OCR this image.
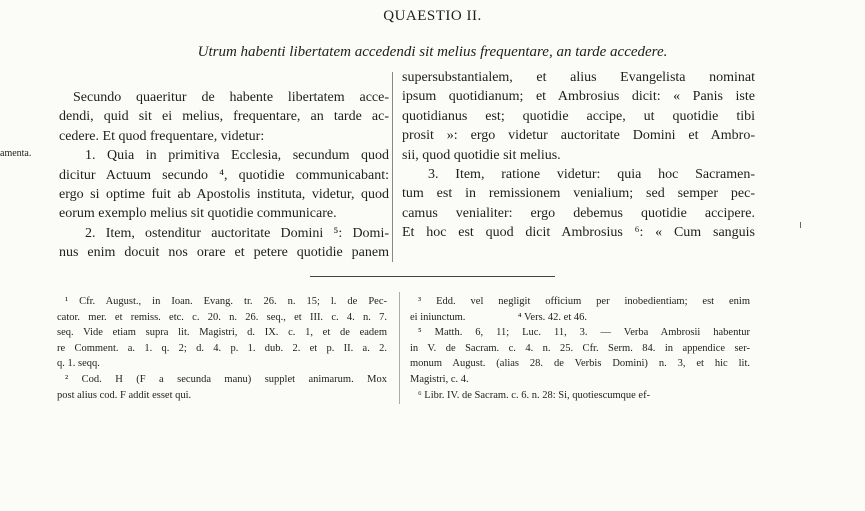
QUAESTIO II.
Utrum habenti libertatem accedendi sit melius frequentare, an tarde accedere.
amenta.
Secundo quaeritur de habente libertatem acce-
dendi, quid sit ei melius, frequentare, an tarde ac-
cedere. Et quod frequentare, videtur:
1. Quia in primitiva Ecclesia, secundum quod
dicitur Actuum secundo ⁴, quotidie communicabant:
ergo si optime fuit ab Apostolis instituta, videtur, quod
eorum exemplo melius sit quotidie communicare.
2. Item, ostenditur auctoritate Domini ⁵: Domi-
nus enim docuit nos orare et petere quotidie panem
supersubstantialem, et alius Evangelista nominat
ipsum quotidianum; et Ambrosius dicit: « Panis iste
quotidianus est; quotidie accipe, ut quotidie tibi
prosit »: ergo videtur auctoritate Domini et Ambro-
sii, quod quotidie sit melius.
3. Item, ratione videtur: quia hoc Sacramen-
tum est in remissionem venialium; sed semper pec-
camus venialiter: ergo debemus quotidie accipere.
Et hoc est quod dicit Ambrosius ⁶: « Cum sanguis
¹ Cfr. August., in Ioan. Evang. tr. 26. n. 15; l. de Pec-
cator. mer. et remiss. etc. c. 20. n. 26. seq., et III. c. 4. n. 7.
seq. Vide etiam supra lit. Magistri, d. IX. c. 1, et de eadem
re Comment. a. 1. q. 2; d. 4. p. 1. dub. 2. et p. II. a. 2.
q. 1. seqq.
² Cod. H (F a secunda manu) supplet animarum. Mox
post alius cod. F addit esset qui.
³ Edd. vel negligit officium per inobedientiam; est enim
ei iniunctum.                    ⁴ Vers. 42. et 46.
⁵ Matth. 6, 11; Luc. 11, 3. — Verba Ambrosii habentur
in V. de Sacram. c. 4. n. 25. Cfr. Serm. 84. in appendice ser-
monum August. (alias 28. de Verbis Domini) n. 3, et hic lit.
Magistri, c. 4.
⁶ Libr. IV. de Sacram. c. 6. n. 28: Si, quotiescumque ef-
